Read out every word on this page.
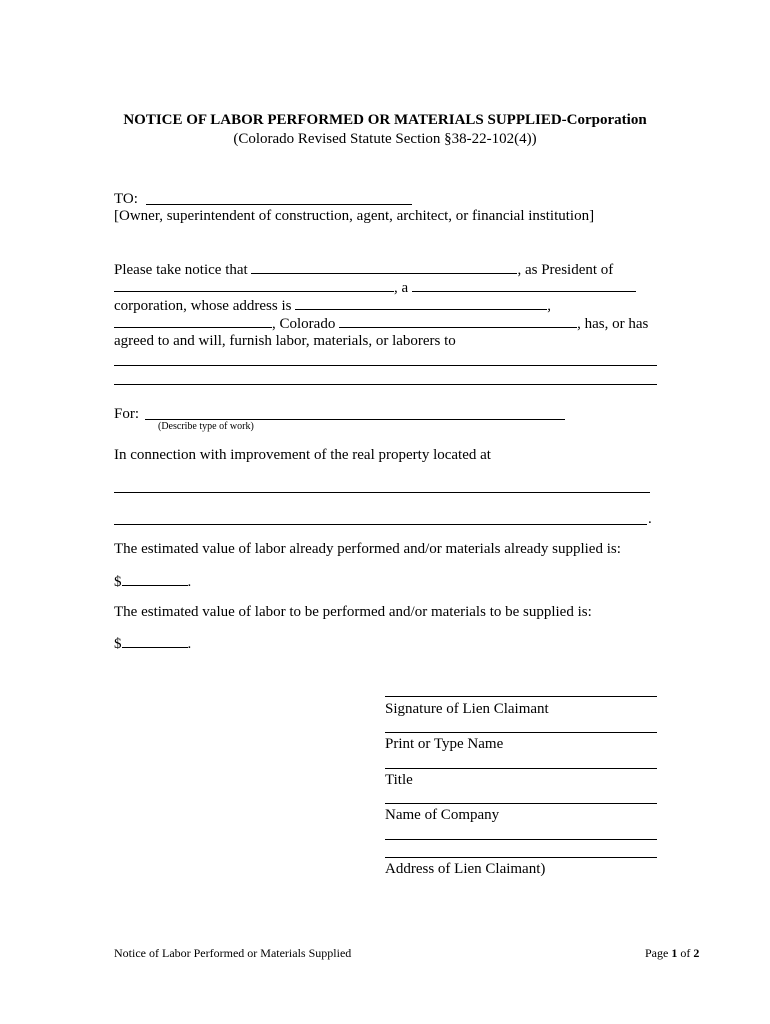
NOTICE OF LABOR PERFORMED OR MATERIALS SUPPLIED-Corporation
(Colorado Revised Statute Section §38-22-102(4))
TO:
[Owner, superintendent of construction, agent, architect, or financial institution]
Please take notice that	, as President of
, a
corporation, whose address is	,
, Colorado	, has, or has
agreed to and will, furnish labor, materials, or laborers to
For:
(Describe type of work)
In connection with improvement of the real property located at
.
The estimated value of labor already performed and/or materials already supplied is:
$	.
The estimated value of labor to be performed and/or materials to be supplied is:
$	.
Signature of Lien Claimant
Print or Type Name
Title
Name of Company
Address of Lien Claimant)
Notice of Labor Performed or Materials Supplied	Page 1 of 2
